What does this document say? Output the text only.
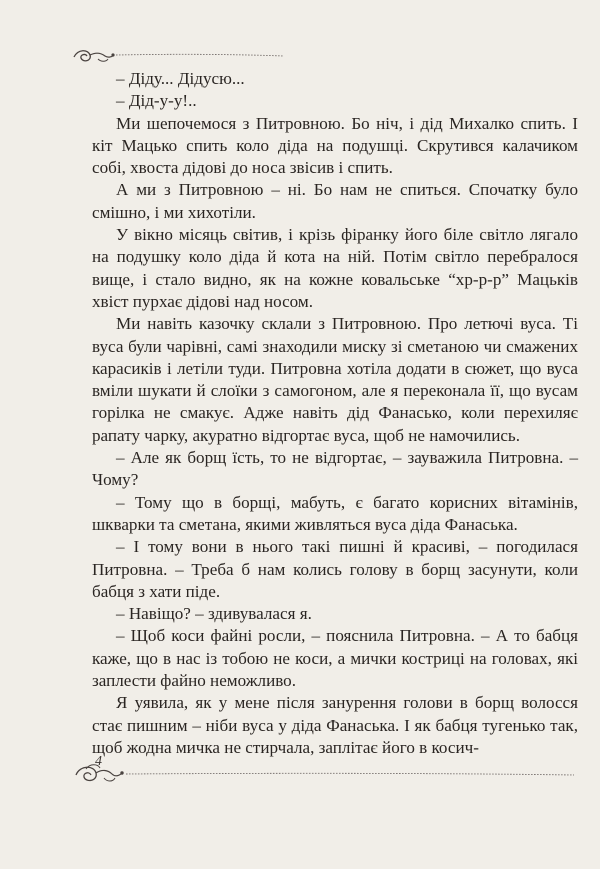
– Діду... Дідусю...

– Дід-у-у!..

Ми шепочемося з Питровною. Бо ніч, і дід Михалко спить. І кіт Мацько спить коло діда на подушці. Скрутився калачиком собі, хвоста дідові до носа звісив і спить.

А ми з Питровною – ні. Бо нам не спиться. Спочатку було смішно, і ми хихотіли.

У вікно місяць світив, і крізь фіранку його біле світло лягало на подушку коло діда й кота на ній. Потім світло перебралося вище, і стало видно, як на кожне ковальське “хр-р-р” Мацьків хвіст пурхає дідові над носом.

Ми навіть казочку склали з Питровною. Про летючі вуса. Ті вуса були чарівні, самі знаходили миску зі сметаною чи смажених карасиків і летіли туди. Питровна хотіла додати в сюжет, що вуса вміли шукати й слоїки з самогоном, але я переконала її, що вусам горілка не смакує. Адже навіть дід Фанасько, коли перехиляє рапату чарку, акуратно відгортає вуса, щоб не намочились.

– Але як борщ їсть, то не відгортає, – зауважила Питровна. – Чому?

– Тому що в борщі, мабуть, є багато корисних вітамінів, шкварки та сметана, якими живляться вуса діда Фанаська.

– І тому вони в нього такі пишні й красиві, – погодилася Питровна. – Треба б нам колись голову в борщ засунути, коли бабця з хати піде.

– Навіщо? – здивувалася я.

– Щоб коси файні росли, – пояснила Питровна. – А то бабця каже, що в нас із тобою не коси, а мички кострицi на головах, які заплести файно неможливо.

Я уявила, як у мене після занурення голови в борщ волосся стає пишним – ніби вуса у діда Фанаська. І як бабця тугенько так, щоб жодна мичка не стирчала, заплітає його в косич-

4
